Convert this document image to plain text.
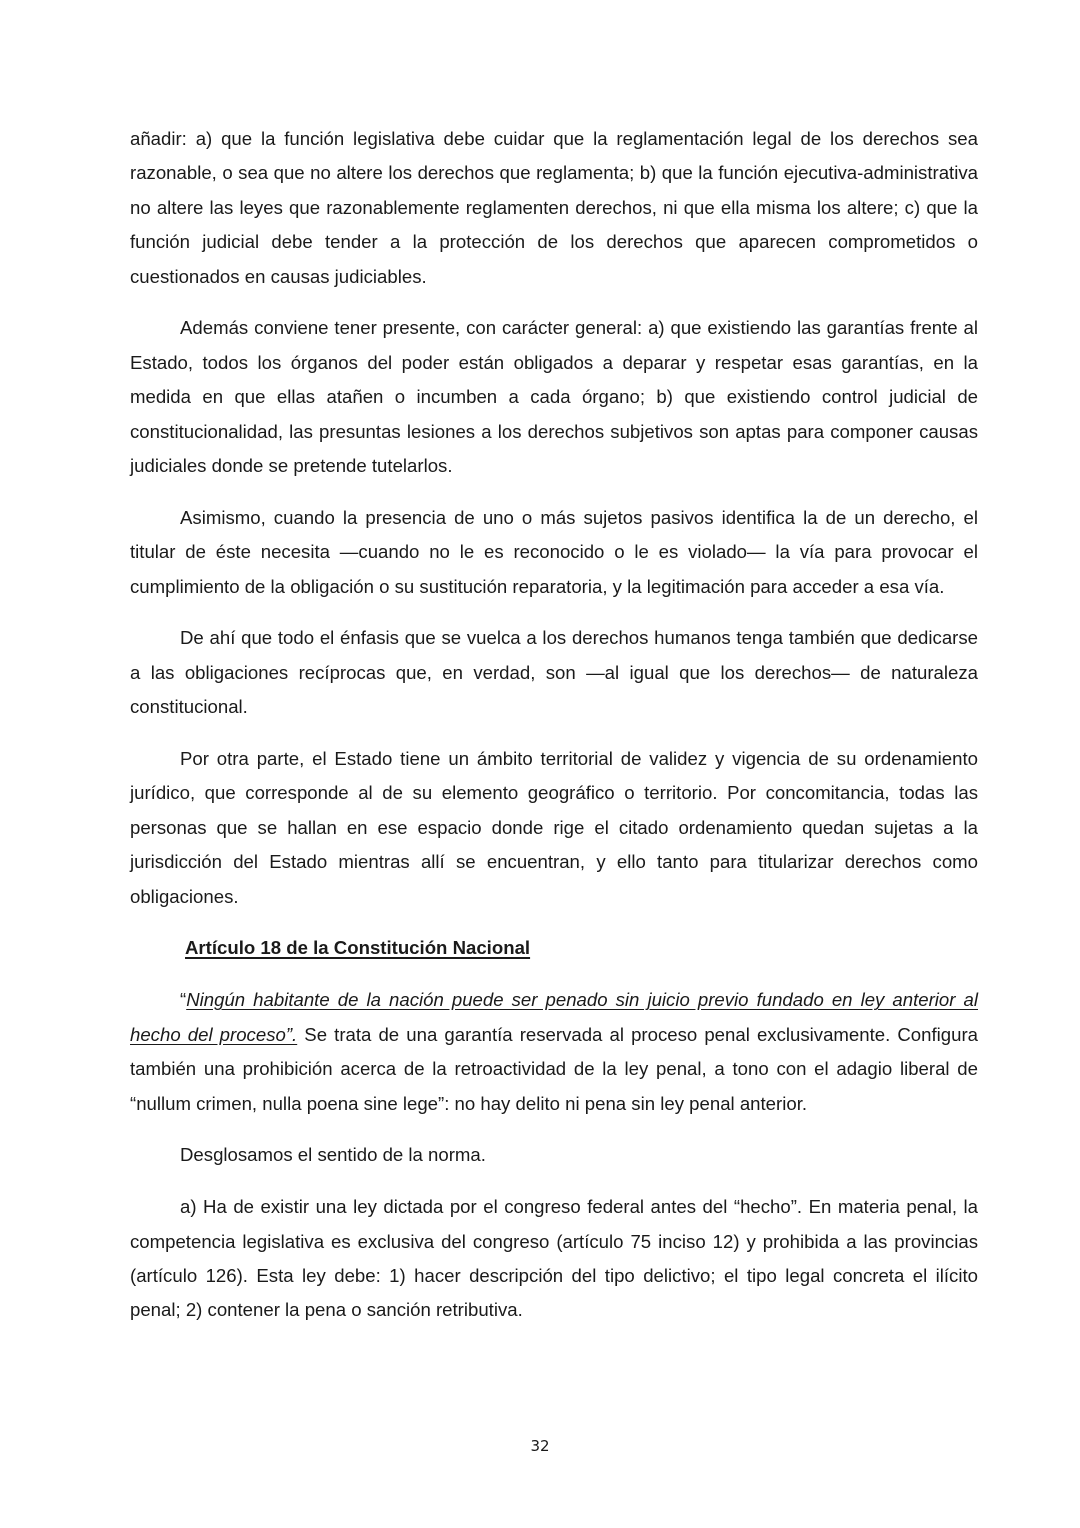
añadir: a) que la función legislativa debe cuidar que la reglamentación legal de los derechos sea razonable, o sea que no altere los derechos que reglamenta; b) que la función ejecutiva-administrativa no altere las leyes que razonablemente reglamenten derechos, ni que ella misma los altere; c) que la función judicial debe tender a la protección de los derechos que aparecen comprometidos o cuestionados en causas judiciables.

Además conviene tener presente, con carácter general: a) que existiendo las garantías frente al Estado, todos los órganos del poder están obligados a deparar y respetar esas garantías, en la medida en que ellas atañen o incumben a cada órgano; b) que existiendo control judicial de constitucionalidad, las presuntas lesiones a los derechos subjetivos son aptas para componer causas judiciales donde se pretende tutelarlos.

Asimismo, cuando la presencia de uno o más sujetos pasivos identifica la de un derecho, el titular de éste necesita —cuando no le es reconocido o le es violado— la vía para provocar el cumplimiento de la obligación o su sustitución reparatoria, y la legitimación para acceder a esa vía.

De ahí que todo el énfasis que se vuelca a los derechos humanos tenga también que dedicarse a las obligaciones recíprocas que, en verdad, son —al igual que los derechos— de naturaleza constitucional.

Por otra parte, el Estado tiene un ámbito territorial de validez y vigencia de su ordenamiento jurídico, que corresponde al de su elemento geográfico o territorio. Por concomitancia, todas las personas que se hallan en ese espacio donde rige el citado ordenamiento quedan sujetas a la jurisdicción del Estado mientras allí se encuentran, y ello tanto para titularizar derechos como obligaciones.

Artículo 18 de la Constitución Nacional

“Ningún habitante de la nación puede ser penado sin juicio previo fundado en ley anterior al hecho del proceso”. Se trata de una garantía reservada al proceso penal exclusivamente. Configura también una prohibición acerca de la retroactividad de la ley penal, a tono con el adagio liberal de “nullum crimen, nulla poena sine lege”: no hay delito ni pena sin ley penal anterior.

Desglosamos el sentido de la norma.

a) Ha de existir una ley dictada por el congreso federal antes del “hecho”. En materia penal, la competencia legislativa es exclusiva del congreso (artículo 75 inciso 12) y prohibida a las provincias (artículo 126). Esta ley debe: 1) hacer descripción del tipo delictivo; el tipo legal concreta el ilícito penal; 2) contener la pena o sanción retributiva.

32
